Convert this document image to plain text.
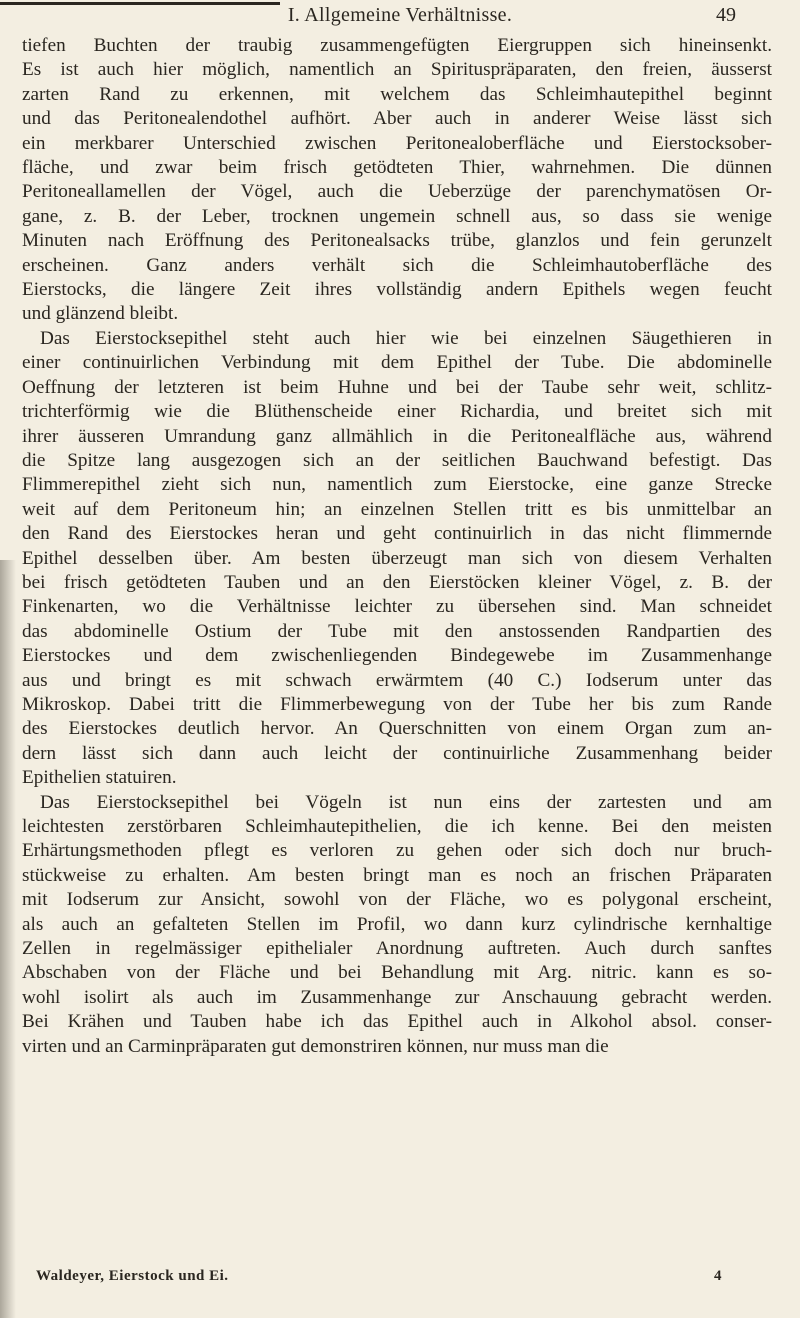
I. Allgemeine Verhältnisse.	49
tiefen Buchten der traubig zusammengefügten Eiergruppen sich hineinsenkt.
Es ist auch hier möglich, namentlich an Spirituspräparaten, den freien, äusserst
zarten Rand zu erkennen, mit welchem das Schleimhautepithel beginnt
und das Peritonealendothel aufhört. Aber auch in anderer Weise lässt sich
ein merkbarer Unterschied zwischen Peritonealoberfläche und Eierstocksober-
fläche, und zwar beim frisch getödteten Thier, wahrnehmen. Die dünnen
Peritoneallamellen der Vögel, auch die Ueberzüge der parenchymatösen Or-
gane, z. B. der Leber, trocknen ungemein schnell aus, so dass sie wenige
Minuten nach Eröffnung des Peritonealsacks trübe, glanzlos und fein gerunzelt
erscheinen. Ganz anders verhält sich die Schleimhautoberfläche des
Eierstocks, die längere Zeit ihres vollständig andern Epithels wegen feucht
und glänzend bleibt.
Das Eierstocksepithel steht auch hier wie bei einzelnen Säugethieren in
einer continuirlichen Verbindung mit dem Epithel der Tube. Die abdominelle
Oeffnung der letzteren ist beim Huhne und bei der Taube sehr weit, schlitz-
trichterförmig wie die Blüthenscheide einer Richardia, und breitet sich mit
ihrer äusseren Umrandung ganz allmählich in die Peritonealfläche aus, während
die Spitze lang ausgezogen sich an der seitlichen Bauchwand befestigt. Das
Flimmerepithel zieht sich nun, namentlich zum Eierstocke, eine ganze Strecke
weit auf dem Peritoneum hin; an einzelnen Stellen tritt es bis unmittelbar an
den Rand des Eierstockes heran und geht continuirlich in das nicht flimmernde
Epithel desselben über. Am besten überzeugt man sich von diesem Verhalten
bei frisch getödteten Tauben und an den Eierstöcken kleiner Vögel, z. B. der
Finkenarten, wo die Verhältnisse leichter zu übersehen sind. Man schneidet
das abdominelle Ostium der Tube mit den anstossenden Randpartien des
Eierstockes und dem zwischenliegenden Bindegewebe im Zusammenhange
aus und bringt es mit schwach erwärmtem (40 C.) Iodserum unter das
Mikroskop. Dabei tritt die Flimmerbewegung von der Tube her bis zum Rande
des Eierstockes deutlich hervor. An Querschnitten von einem Organ zum an-
dern lässt sich dann auch leicht der continuirliche Zusammenhang beider
Epithelien statuiren.
Das Eierstocksepithel bei Vögeln ist nun eins der zartesten und am
leichtesten zerstörbaren Schleimhautepithelien, die ich kenne. Bei den meisten
Erhärtungsmethoden pflegt es verloren zu gehen oder sich doch nur bruch-
stückweise zu erhalten. Am besten bringt man es noch an frischen Präparaten
mit Iodserum zur Ansicht, sowohl von der Fläche, wo es polygonal erscheint,
als auch an gefalteten Stellen im Profil, wo dann kurz cylindrische kernhaltige
Zellen in regelmässiger epithelialer Anordnung auftreten. Auch durch sanftes
Abschaben von der Fläche und bei Behandlung mit Arg. nitric. kann es so-
wohl isolirt als auch im Zusammenhange zur Anschauung gebracht werden.
Bei Krähen und Tauben habe ich das Epithel auch in Alkohol absol. conser-
virten und an Carminpräparaten gut demonstriren können, nur muss man die
Waldeyer, Eierstock und Ei.	4
